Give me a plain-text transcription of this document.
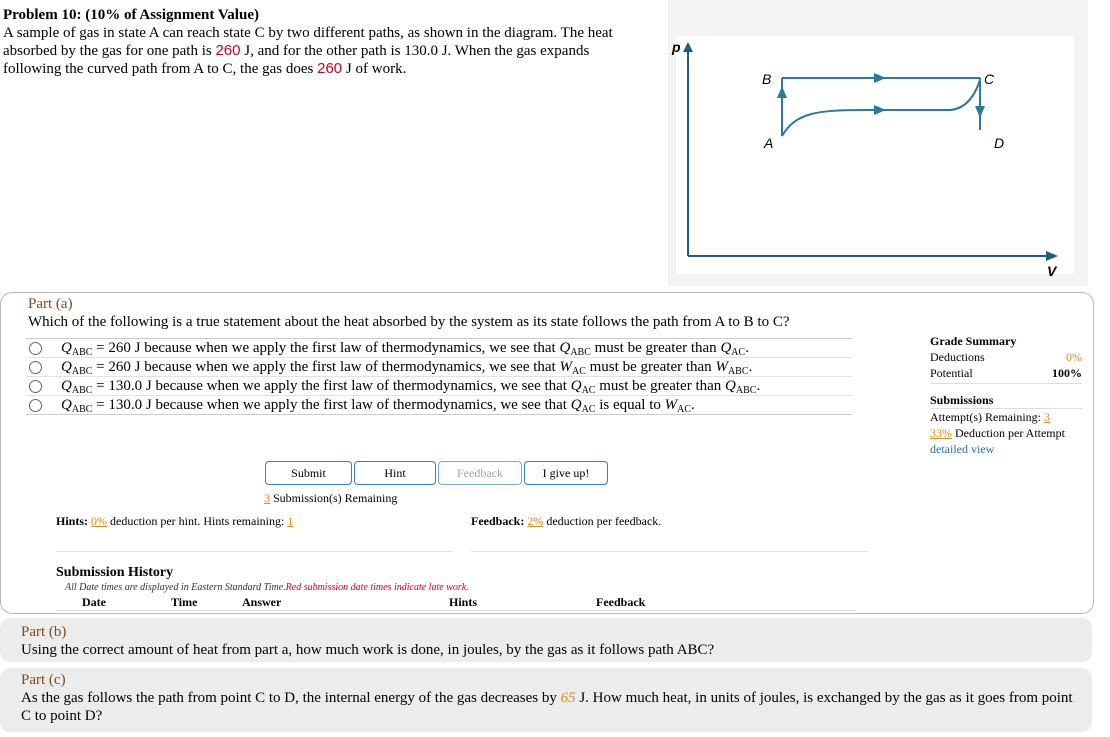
Problem 10: (10% of Assignment Value)
A sample of gas in state A can reach state C by two different paths, as shown in the diagram. The heat absorbed by the gas for one path is 260 J, and for the other path is 130.0 J. When the gas expands following the curved path from A to C, the gas does 260 J of work.
p
V
B
A
C
D
Part (a)
Which of the following is a true statement about the heat absorbed by the system as its state follows the path from A to B to C?
$Q_{ABC} = 260$ J because when we apply the first law of thermodynamics, we see that $Q_{ABC}$ must be greater than $Q_{AC}$.
$Q_{ABC} = 260$ J because when we apply the first law of thermodynamics, we see that $W_{AC}$ must be greater than $W_{ABC}$.
$Q_{ABC} = 130.0$ J because when we apply the first law of thermodynamics, we see that $Q_{AC}$ must be greater than $Q_{ABC}$.
$Q_{ABC} = 130.0$ J because when we apply the first law of thermodynamics, we see that $Q_{AC}$ is equal to $W_{AC}$.
Submit	Hint	Feedback	I give up!
3 Submission(s) Remaining
Hints: 0% deduction per hint. Hints remaining: 1	Feedback: 2% deduction per feedback.
Submission History
All Date times are displayed in Eastern Standard Time.Red submission date times indicate late work.
Date	Time	Answer	Hints	Feedback
Grade Summary
Deductions	0%
Potential	100%
Submissions
Attempt(s) Remaining: 3
33% Deduction per Attempt
detailed view
Part (b)
Using the correct amount of heat from part a, how much work is done, in joules, by the gas as it follows path ABC?
Part (c)
As the gas follows the path from point C to D, the internal energy of the gas decreases by 65 J. How much heat, in units of joules, is exchanged by the gas as it goes from point C to point D?
